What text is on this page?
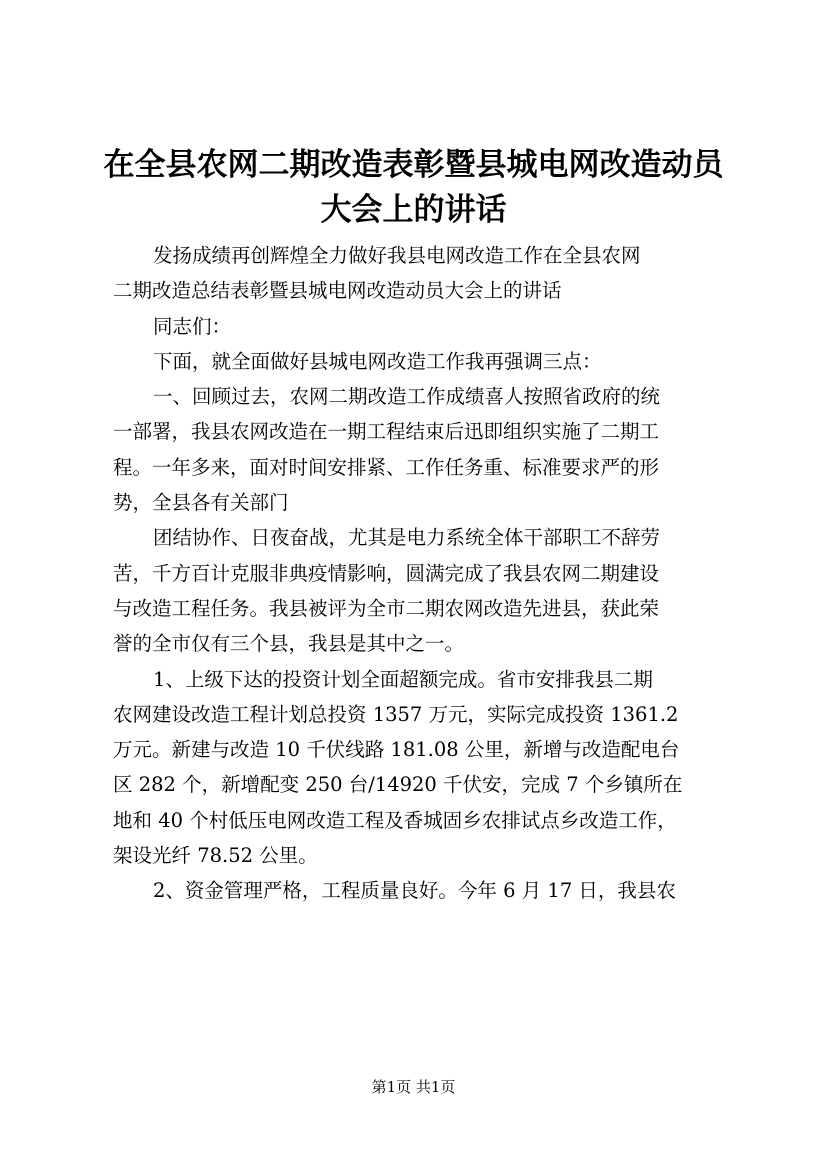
在全县农网二期改造表彰暨县城电网改造动员
大会上的讲话

发扬成绩再创辉煌全力做好我县电网改造工作在全县农网
二期改造总结表彰暨县城电网改造动员大会上的讲话

同志们：

下面，就全面做好县城电网改造工作我再强调三点：

一、回顾过去，农网二期改造工作成绩喜人按照省政府的统
一部署，我县农网改造在一期工程结束后迅即组织实施了二期工
程。一年多来，面对时间安排紧、工作任务重、标准要求严的形
势，全县各有关部门

团结协作、日夜奋战，尤其是电力系统全体干部职工不辞劳
苦，千方百计克服非典疫情影响，圆满完成了我县农网二期建设
与改造工程任务。我县被评为全市二期农网改造先进县，获此荣
誉的全市仅有三个县，我县是其中之一。

1、上级下达的投资计划全面超额完成。省市安排我县二期
农网建设改造工程计划总投资 1357 万元，实际完成投资 1361.2
万元。新建与改造 10 千伏线路 181.08 公里，新增与改造配电台
区 282 个，新增配变 250 台/14920 千伏安，完成 7 个乡镇所在
地和 40 个村低压电网改造工程及香城固乡农排试点乡改造工作，
架设光纤 78.52 公里。

2、资金管理严格，工程质量良好。今年 6 月 17 日，我县农

第1页 共1页
